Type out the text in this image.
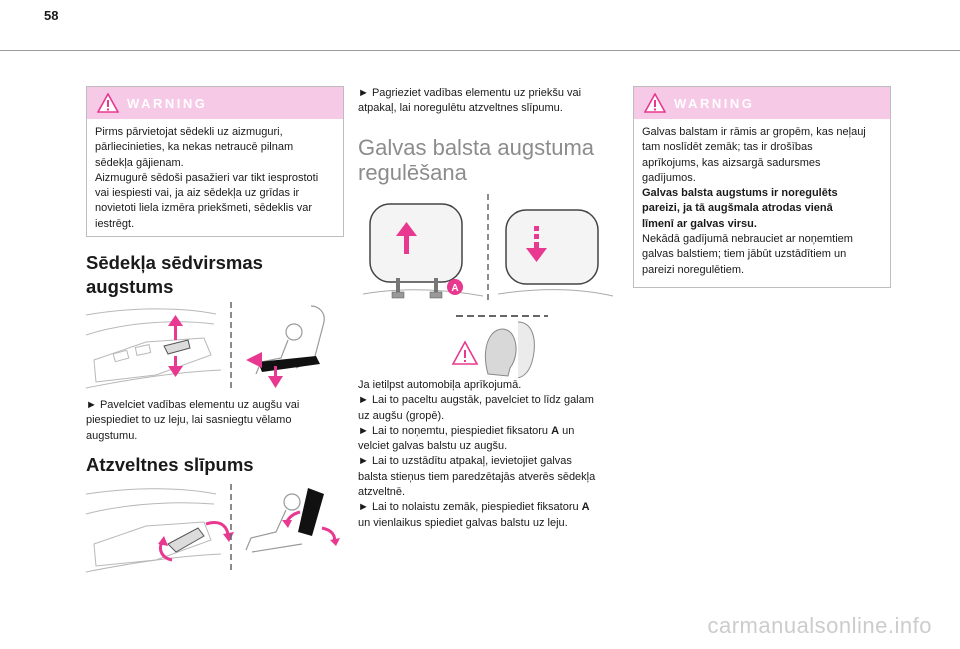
58
WARNING

Pirms pārvietojat sēdekli uz aizmuguri,

pārliecinieties, ka nekas netraucē pilnam

sēdekļa gājienam.

Aizmugurē sēdoši pasažieri var tikt iesprostoti

vai iespiesti vai, ja aiz sēdekļa uz grīdas ir

novietoti liela izmēra priekšmeti, sēdeklis var

iestrēgt.

Sēdekļa sēdvirsmas
augstums
► Pavelciet vadības elementu uz augšu vai
piespiediet to uz leju, lai sasniegtu vēlamo
augstumu.
Atzveltnes slīpums
► Pagrieziet vadības elementu uz priekšu vai
atpakaļ, lai noregulētu atzveltnes slīpumu.
Galvas balsta augstuma
regulēšana
A
Ja ietilpst automobiļa aprīkojumā.
► Lai to paceltu augstāk, pavelciet to līdz galam
uz augšu (gropē).
► Lai to noņemtu, piespiediet fiksatoru A un
velciet galvas balstu uz augšu.
► Lai to uzstādītu atpakaļ, ievietojiet galvas
balsta stieņus tiem paredzētajās atverēs sēdekļa
atzveltnē.
► Lai to nolaistu zemāk, piespiediet fiksatoru A
un vienlaikus spiediet galvas balstu uz leju.
WARNING

Galvas balstam ir rāmis ar gropēm, kas neļauj

tam noslīdēt zemāk; tas ir drošības

aprīkojums, kas aizsargā sadursmes

gadījumos.

Galvas balsta augstums ir noregulēts

pareizi, ja tā augšmala atrodas vienā

līmenī ar galvas virsu.

Nekādā gadījumā nebrauciet ar noņemtiem

galvas balstiem; tiem jābūt uzstādītiem un

pareizi noregulētiem.

carmanualsonline.info
